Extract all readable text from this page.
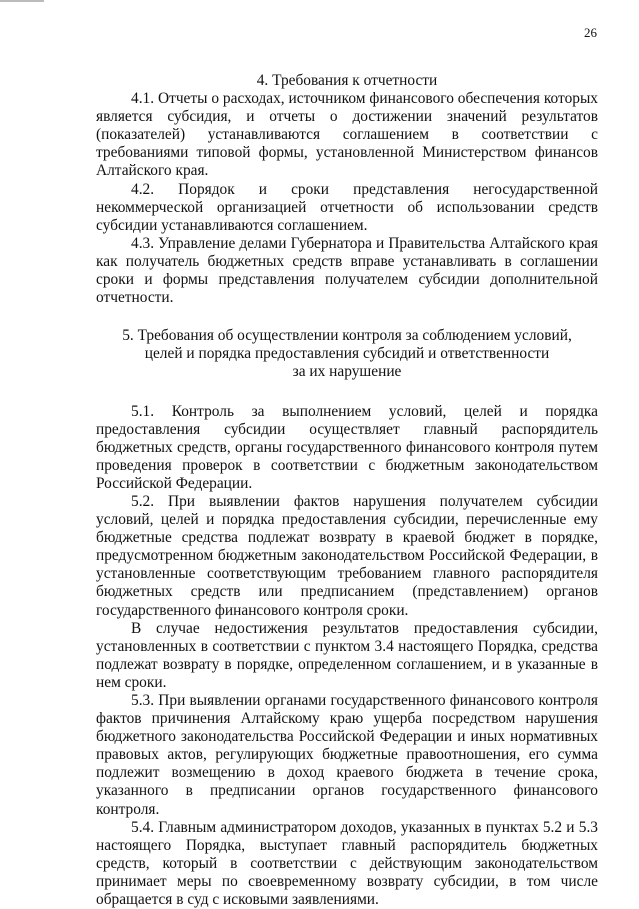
26

4. Требования к отчетности

4.1. Отчеты о расходах, источником финансового обеспечения которых является субсидия, и отчеты о достижении значений результатов (показателей) устанавливаются соглашением в соответствии с требованиями типовой формы, установленной Министерством финансов Алтайского края.

4.2. Порядок и сроки представления негосударственной некоммерческой организацией отчетности об использовании средств субсидии устанавливаются соглашением.

4.3. Управление делами Губернатора и Правительства Алтайского края как получатель бюджетных средств вправе устанавливать в соглашении сроки и формы представления получателем субсидии дополнительной отчетности.

5. Требования об осуществлении контроля за соблюдением условий,

целей и порядка предоставления субсидий и ответственности

за их нарушение

5.1. Контроль за выполнением условий, целей и порядка предоставления субсидии осуществляет главный распорядитель бюджетных средств, органы государственного финансового контроля путем проведения проверок в соответствии с бюджетным законодательством Российской Федерации.

5.2. При выявлении фактов нарушения получателем субсидии условий, целей и порядка предоставления субсидии, перечисленные ему бюджетные средства подлежат возврату в краевой бюджет в порядке, предусмотренном бюджетным законодательством Российской Федерации, в установленные соответствующим требованием главного распорядителя бюджетных средств или предписанием (представлением) органов государственного финансового контроля сроки.

В случае недостижения результатов предоставления субсидии, установленных в соответствии с пунктом 3.4 настоящего Порядка, средства подлежат возврату в порядке, определенном соглашением, и в указанные в нем сроки.

5.3. При выявлении органами государственного финансового контроля фактов причинения Алтайскому краю ущерба посредством нарушения бюджетного законодательства Российской Федерации и иных нормативных правовых актов, регулирующих бюджетные правоотношения, его сумма подлежит возмещению в доход краевого бюджета в течение срока, указанного в предписании органов государственного финансового контроля.

5.4. Главным администратором доходов, указанных в пунктах 5.2 и 5.3 настоящего Порядка, выступает главный распорядитель бюджетных средств, который в соответствии с действующим законодательством принимает меры по своевременному возврату субсидии, в том числе обращается в суд с исковыми заявлениями.
